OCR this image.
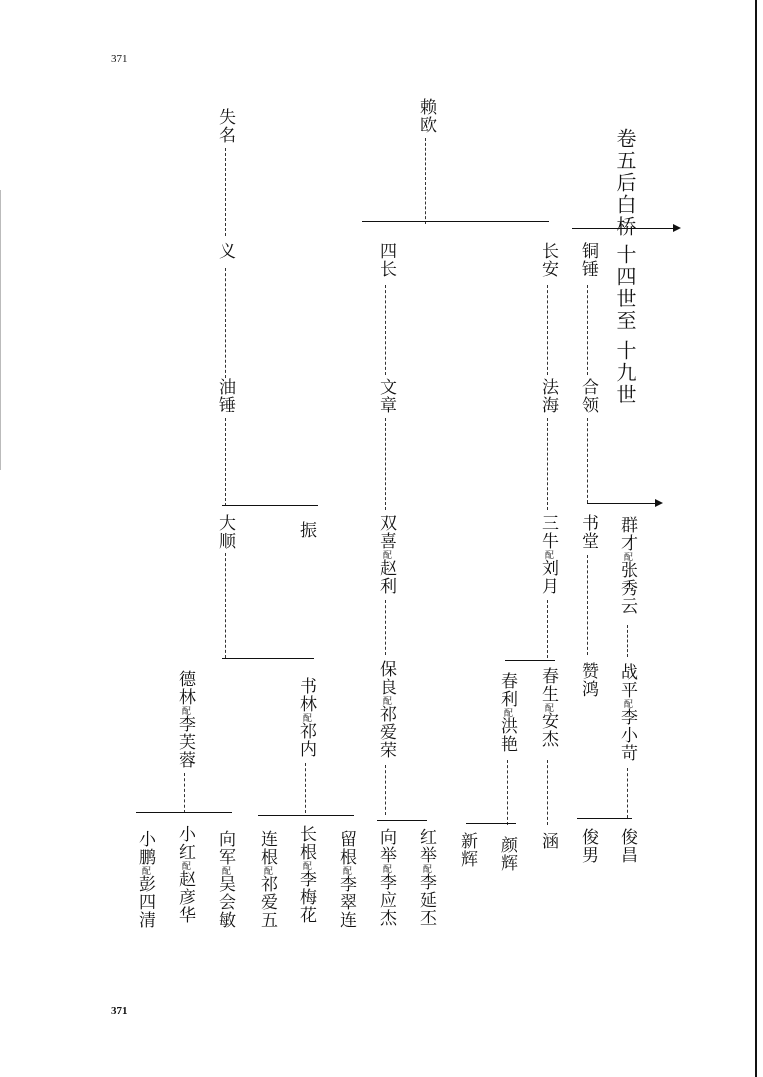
371
371
卷五后白桥
十四世至
十九世
失名
义
油锤
大顺	振
德林配李芙蓉
书林配祁内
小鹏配彭四清
小红配赵彦华
向军配吴会敏
连根配祁爱五
长根配李梅花
留根配李翠连
赖欧
四长
文章
双喜配赵利
保良配祁爱荣
向举配李应杰
红举配李延丕
长安
法海
三牛配刘月
春利配洪艳
春生配安杰
新辉 颜辉 涵
铜锤
合领
书堂
赞鸿
俊男
群才配张秀云
战平配李小苛
俊昌
